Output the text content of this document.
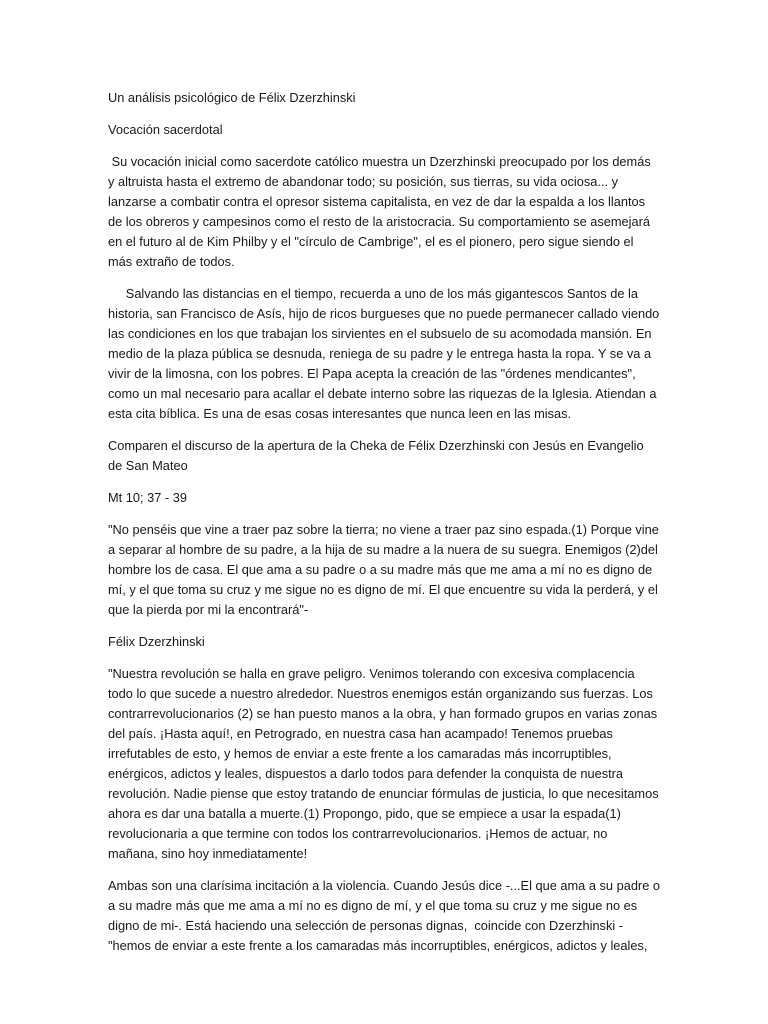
Un análisis psicológico de Félix Dzerzhinski

Vocación sacerdotal

Su vocación inicial como sacerdote católico muestra un Dzerzhinski preocupado por los demás y altruista hasta el extremo de abandonar todo; su posición, sus tierras, su vida ociosa... y lanzarse a combatir contra el opresor sistema capitalista, en vez de dar la espalda a los llantos de los obreros y campesinos como el resto de la aristocracia. Su comportamiento se asemejará en el futuro al de Kim Philby y el "círculo de Cambrige", el es el pionero, pero sigue siendo el más extraño de todos.

Salvando las distancias en el tiempo, recuerda a uno de los más gigantescos Santos de la historia, san Francisco de Asís, hijo de ricos burgueses que no puede permanecer callado viendo las condiciones en los que trabajan los sirvientes en el subsuelo de su acomodada mansión. En medio de la plaza pública se desnuda, reniega de su padre y le entrega hasta la ropa. Y se va a vivir de la limosna, con los pobres. El Papa acepta la creación de las "órdenes mendicantes", como un mal necesario para acallar el debate interno sobre las riquezas de la Iglesia. Atiendan a esta cita bíblica. Es una de esas cosas interesantes que nunca leen en las misas.

Comparen el discurso de la apertura de la Cheka de Félix Dzerzhinski con Jesús en Evangelio de San Mateo

Mt 10; 37 - 39

"No penséis que vine a traer paz sobre la tierra; no viene a traer paz sino espada.(1) Porque vine a separar al hombre de su padre, a la hija de su madre a la nuera de su suegra. Enemigos (2)del hombre los de casa. El que ama a su padre o a su madre más que me ama a mí no es digno de mí, y el que toma su cruz y me sigue no es digno de mí. El que encuentre su vida la perderá, y el que la pierda por mi la encontrará"-

Félix Dzerzhinski

"Nuestra revolución se halla en grave peligro. Venimos tolerando con excesiva complacencia todo lo que sucede a nuestro alrededor. Nuestros enemigos están organizando sus fuerzas. Los contrarrevolucionarios (2) se han puesto manos a la obra, y han formado grupos en varias zonas del país. ¡Hasta aquí!, en Petrogrado, en nuestra casa han acampado! Tenemos pruebas irrefutables de esto, y hemos de enviar a este frente a los camaradas más incorruptibles, enérgicos, adictos y leales, dispuestos a darlo todos para defender la conquista de nuestra revolución. Nadie piense que estoy tratando de enunciar fórmulas de justicia, lo que necesitamos ahora es dar una batalla a muerte.(1) Propongo, pido, que se empiece a usar la espada(1) revolucionaria a que termine con todos los contrarrevolucionarios. ¡Hemos de actuar, no mañana, sino hoy inmediatamente!

Ambas son una clarísima incitación a la violencia. Cuando Jesús dice -...El que ama a su padre o a su madre más que me ama a mí no es digno de mí, y el que toma su cruz y me sigue no es digno de mi-. Está haciendo una selección de personas dignas,  coincide con Dzerzhinski - "hemos de enviar a este frente a los camaradas más incorruptibles, enérgicos, adictos y leales,
